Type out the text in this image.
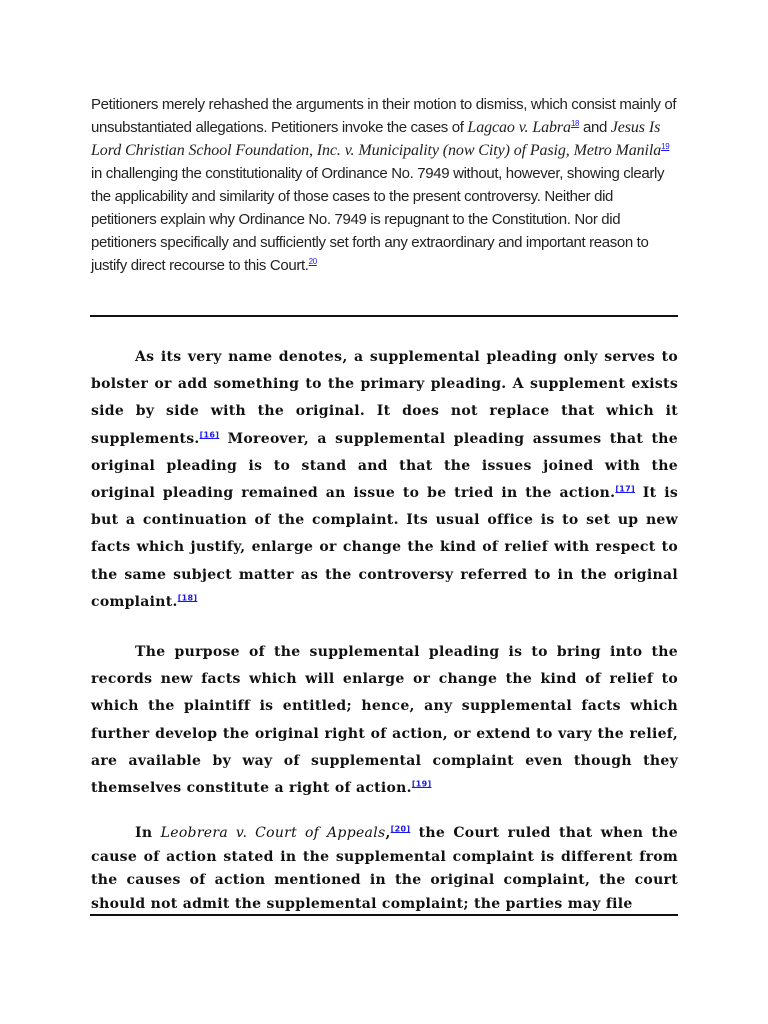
Petitioners merely rehashed the arguments in their motion to dismiss, which consist mainly of unsubstantiated allegations. Petitioners invoke the cases of Lagcao v. Labra$^{18}$ and Jesus Is Lord Christian School Foundation, Inc. v. Municipality (now City) of Pasig, Metro Manila$^{19}$ in challenging the constitutionality of Ordinance No. 7949 without, however, showing clearly the applicability and similarity of those cases to the present controversy. Neither did petitioners explain why Ordinance No. 7949 is repugnant to the Constitution. Nor did petitioners specifically and sufficiently set forth any extraordinary and important reason to justify direct recourse to this Court.$^{20}$
As its very name denotes, a supplemental pleading only serves to bolster or add something to the primary pleading. A supplement exists side by side with the original. It does not replace that which it supplements.[16] Moreover, a supplemental pleading assumes that the original pleading is to stand and that the issues joined with the original pleading remained an issue to be tried in the action.[17] It is but a continuation of the complaint. Its usual office is to set up new facts which justify, enlarge or change the kind of relief with respect to the same subject matter as the controversy referred to in the original complaint.[18]
The purpose of the supplemental pleading is to bring into the records new facts which will enlarge or change the kind of relief to which the plaintiff is entitled; hence, any supplemental facts which further develop the original right of action, or extend to vary the relief, are available by way of supplemental complaint even though they themselves constitute a right of action.[19]
In Leobrera v. Court of Appeals,[20] the Court ruled that when the cause of action stated in the supplemental complaint is different from the causes of action mentioned in the original complaint, the court should not admit the supplemental complaint; the parties may file
